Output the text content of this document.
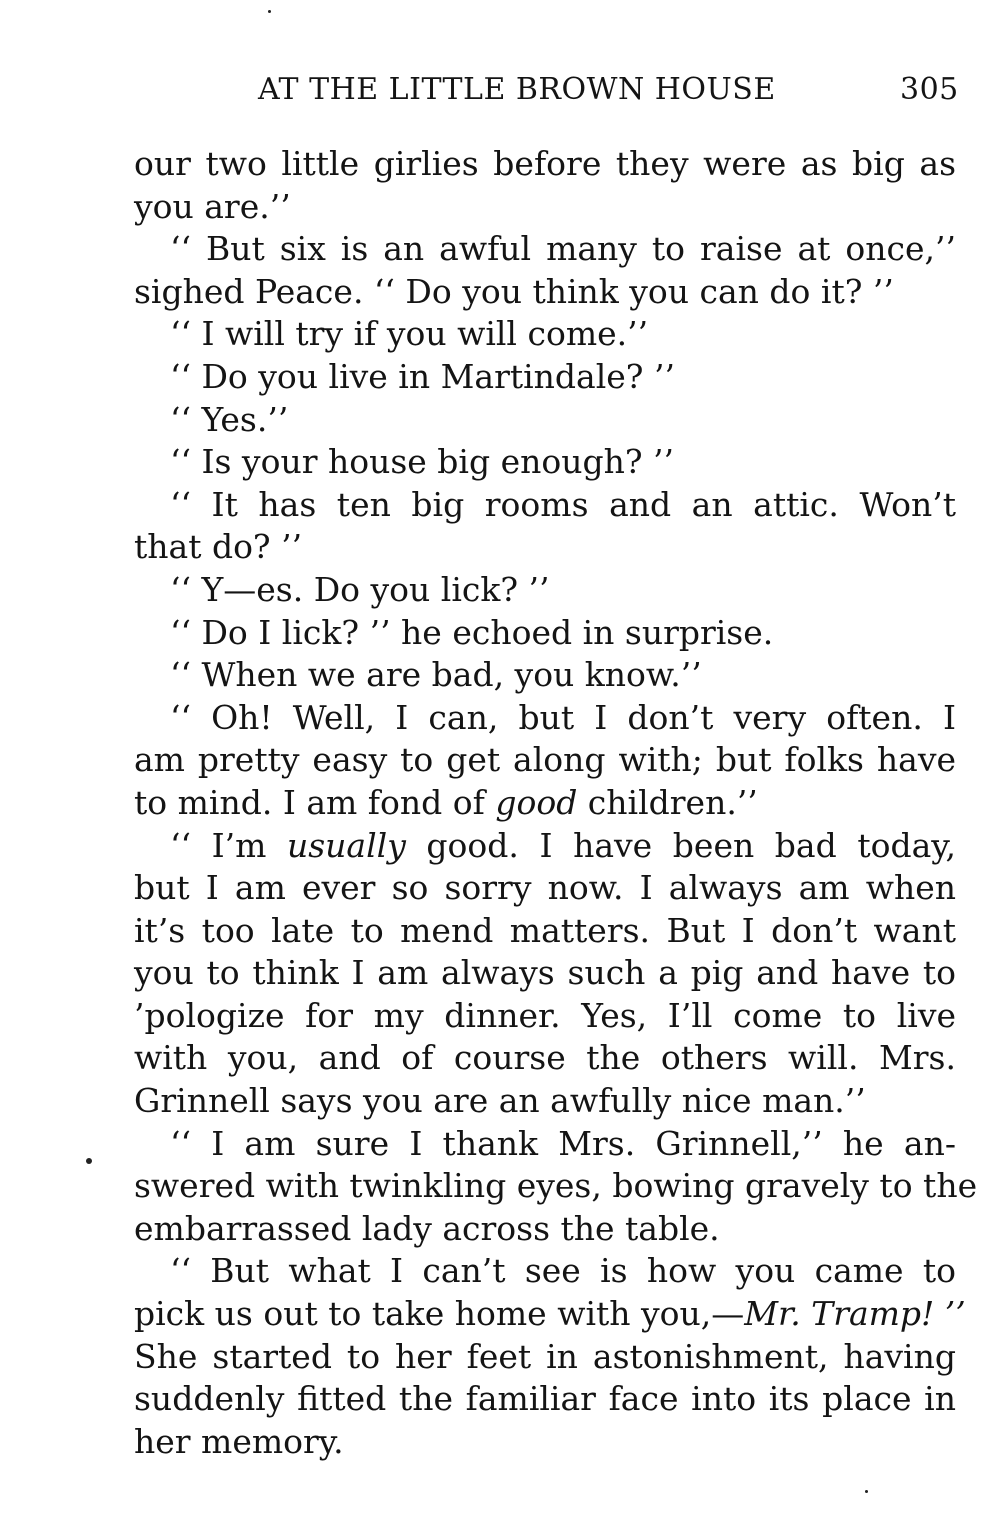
AT THE LITTLE BROWN HOUSE	305
our two little girlies before they were as big as
you are.’’
‘‘ But six is an awful many to raise at once,’’
sighed Peace. ‘‘ Do you think you can do it? ’’
‘‘ I will try if you will come.’’
‘‘ Do you live in Martindale? ’’
‘‘ Yes.’’
‘‘ Is your house big enough? ’’
‘‘ It has ten big rooms and an attic. Won’t
that do? ’’
‘‘ Y—es. Do you lick? ’’
‘‘ Do I lick? ’’ he echoed in surprise.
‘‘ When we are bad, you know.’’
‘‘ Oh! Well, I can, but I don’t very often. I
am pretty easy to get along with; but folks have
to mind. I am fond of good children.’’
‘‘ I’m usually good. I have been bad today,
but I am ever so sorry now. I always am when
it’s too late to mend matters. But I don’t want
you to think I am always such a pig and have to
’pologize for my dinner. Yes, I’ll come to live
with you, and of course the others will. Mrs.
Grinnell says you are an awfully nice man.’’
‘‘ I am sure I thank Mrs. Grinnell,’’ he an-
swered with twinkling eyes, bowing gravely to the
embarrassed lady across the table.
‘‘ But what I can’t see is how you came to
pick us out to take home with you,—Mr. Tramp! ’’
She started to her feet in astonishment, having
suddenly fitted the familiar face into its place in
her memory.
